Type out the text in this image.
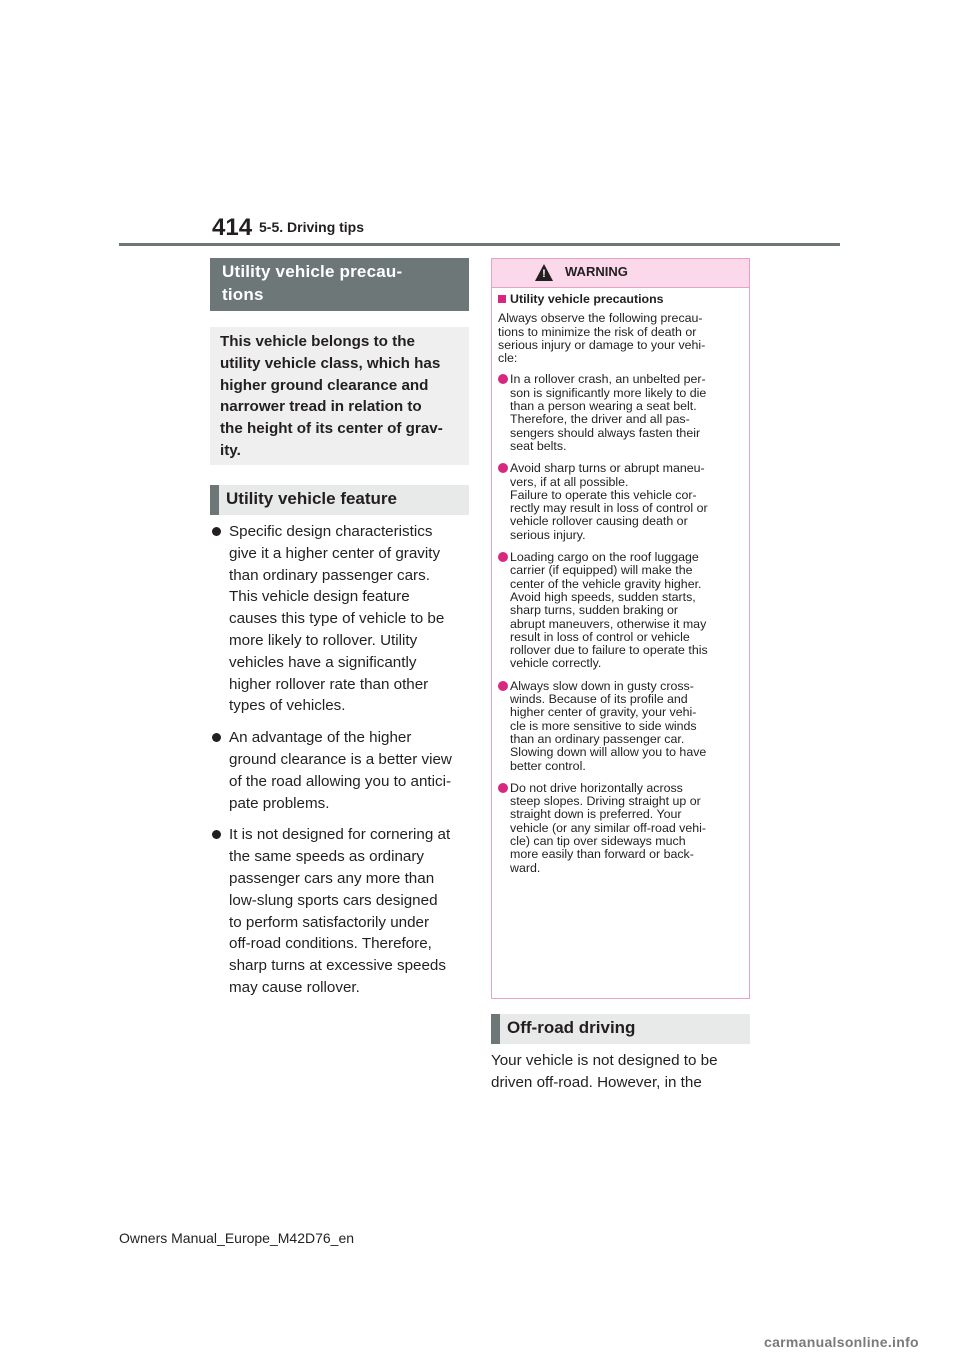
414 5-5. Driving tips
Utility vehicle precau-
tions
This vehicle belongs to the
utility vehicle class, which has
higher ground clearance and
narrower tread in relation to
the height of its center of grav-
ity.
Utility vehicle feature
Specific design characteristics
give it a higher center of gravity
than ordinary passenger cars.
This vehicle design feature
causes this type of vehicle to be
more likely to rollover. Utility
vehicles have a significantly
higher rollover rate than other
types of vehicles.
An advantage of the higher
ground clearance is a better view
of the road allowing you to antici-
pate problems.
It is not designed for cornering at
the same speeds as ordinary
passenger cars any more than
low-slung sports cars designed
to perform satisfactorily under
off-road conditions. Therefore,
sharp turns at excessive speeds
may cause rollover.
! WARNING
Utility vehicle precautions
Always observe the following precau-
tions to minimize the risk of death or
serious injury or damage to your vehi-
cle:
In a rollover crash, an unbelted per-
son is significantly more likely to die
than a person wearing a seat belt.
Therefore, the driver and all pas-
sengers should always fasten their
seat belts.
Avoid sharp turns or abrupt maneu-
vers, if at all possible.
Failure to operate this vehicle cor-
rectly may result in loss of control or
vehicle rollover causing death or
serious injury.
Loading cargo on the roof luggage
carrier (if equipped) will make the
center of the vehicle gravity higher.
Avoid high speeds, sudden starts,
sharp turns, sudden braking or
abrupt maneuvers, otherwise it may
result in loss of control or vehicle
rollover due to failure to operate this
vehicle correctly.
Always slow down in gusty cross-
winds. Because of its profile and
higher center of gravity, your vehi-
cle is more sensitive to side winds
than an ordinary passenger car.
Slowing down will allow you to have
better control.
Do not drive horizontally across
steep slopes. Driving straight up or
straight down is preferred. Your
vehicle (or any similar off-road vehi-
cle) can tip over sideways much
more easily than forward or back-
ward.
Off-road driving
Your vehicle is not designed to be
driven off-road. However, in the
Owners Manual_Europe_M42D76_en
carmanualsonline.info
